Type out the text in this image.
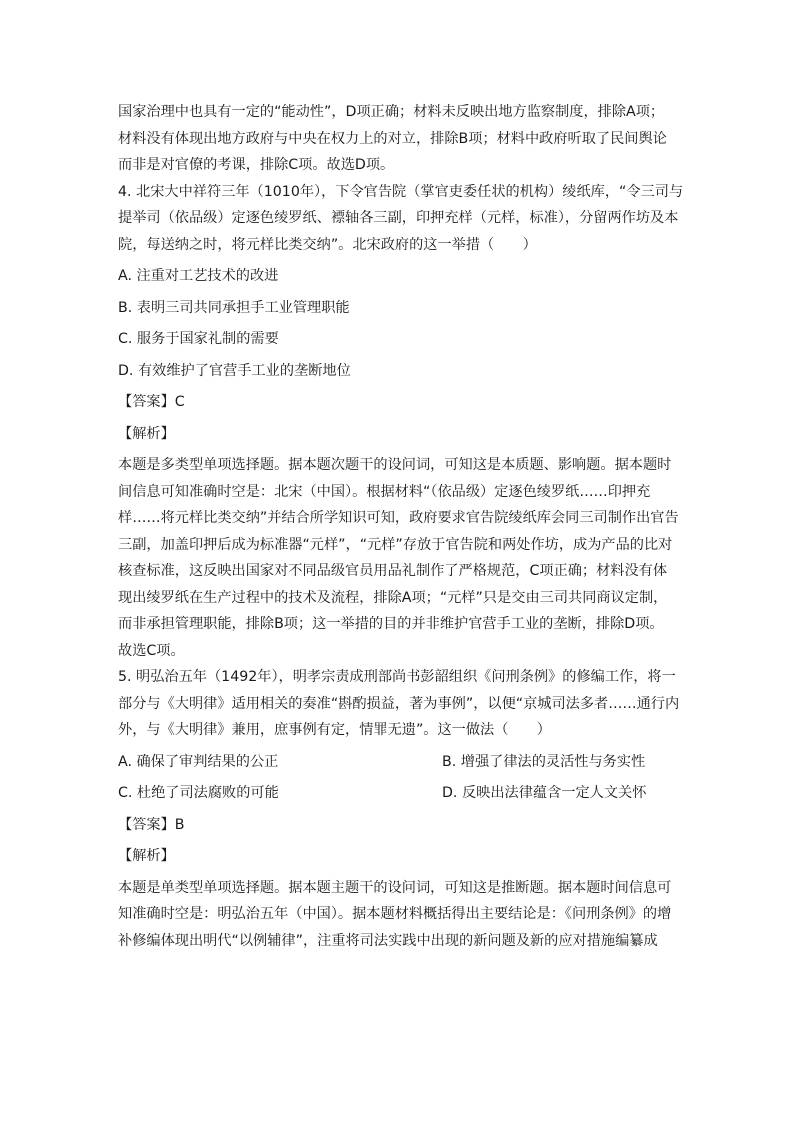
国家治理中也具有一定的“能动性”，D项正确；材料未反映出地方监察制度，排除A项；

材料没有体现出地方政府与中央在权力上的对立，排除B项；材料中政府听取了民间舆论

而非是对官僚的考课，排除C项。故选D项。

4. 北宋大中祥符三年（1010年），下令官告院（掌官吏委任状的机构）绫纸库，“令三司与

提举司（依品级）定逐色绫罗纸、褾轴各三副，印押充样（元样，标准），分留两作坊及本

院，每送纳之时，将元样比类交纳”。北宋政府的这一举措（　　）

A. 注重对工艺技术的改进

B. 表明三司共同承担手工业管理职能

C. 服务于国家礼制的需要

D. 有效维护了官营手工业的垄断地位

【答案】C

【解析】

本题是多类型单项选择题。据本题次题干的设问词，可知这是本质题、影响题。据本题时

间信息可知准确时空是：北宋（中国）。根据材料“（依品级）定逐色绫罗纸……印押充

样……将元样比类交纳”并结合所学知识可知，政府要求官告院绫纸库会同三司制作出官告

三副，加盖印押后成为标准器“元样”，“元样”存放于官告院和两处作坊，成为产品的比对

核查标准，这反映出国家对不同品级官员用品礼制作了严格规范，C项正确；材料没有体

现出绫罗纸在生产过程中的技术及流程，排除A项；“元样”只是交由三司共同商议定制，

而非承担管理职能，排除B项；这一举措的目的并非维护官营手工业的垄断，排除D项。

故选C项。

5. 明弘治五年（1492年），明孝宗责成刑部尚书彭韶组织《问刑条例》的修编工作，将一

部分与《大明律》适用相关的奏准“斟酌损益，著为事例”，以便“京城司法多者……通行内

外，与《大明律》兼用，庶事例有定，情罪无遗”。这一做法（　　）

A. 确保了审判结果的公正	B. 增强了律法的灵活性与务实性
C. 杜绝了司法腐败的可能	D. 反映出法律蕴含一定人文关怀

【答案】B

【解析】

本题是单类型单项选择题。据本题主题干的设问词，可知这是推断题。据本题时间信息可

知准确时空是：明弘治五年（中国）。据本题材料概括得出主要结论是：《问刑条例》的增

补修编体现出明代“以例辅律”，注重将司法实践中出现的新问题及新的应对措施编纂成
